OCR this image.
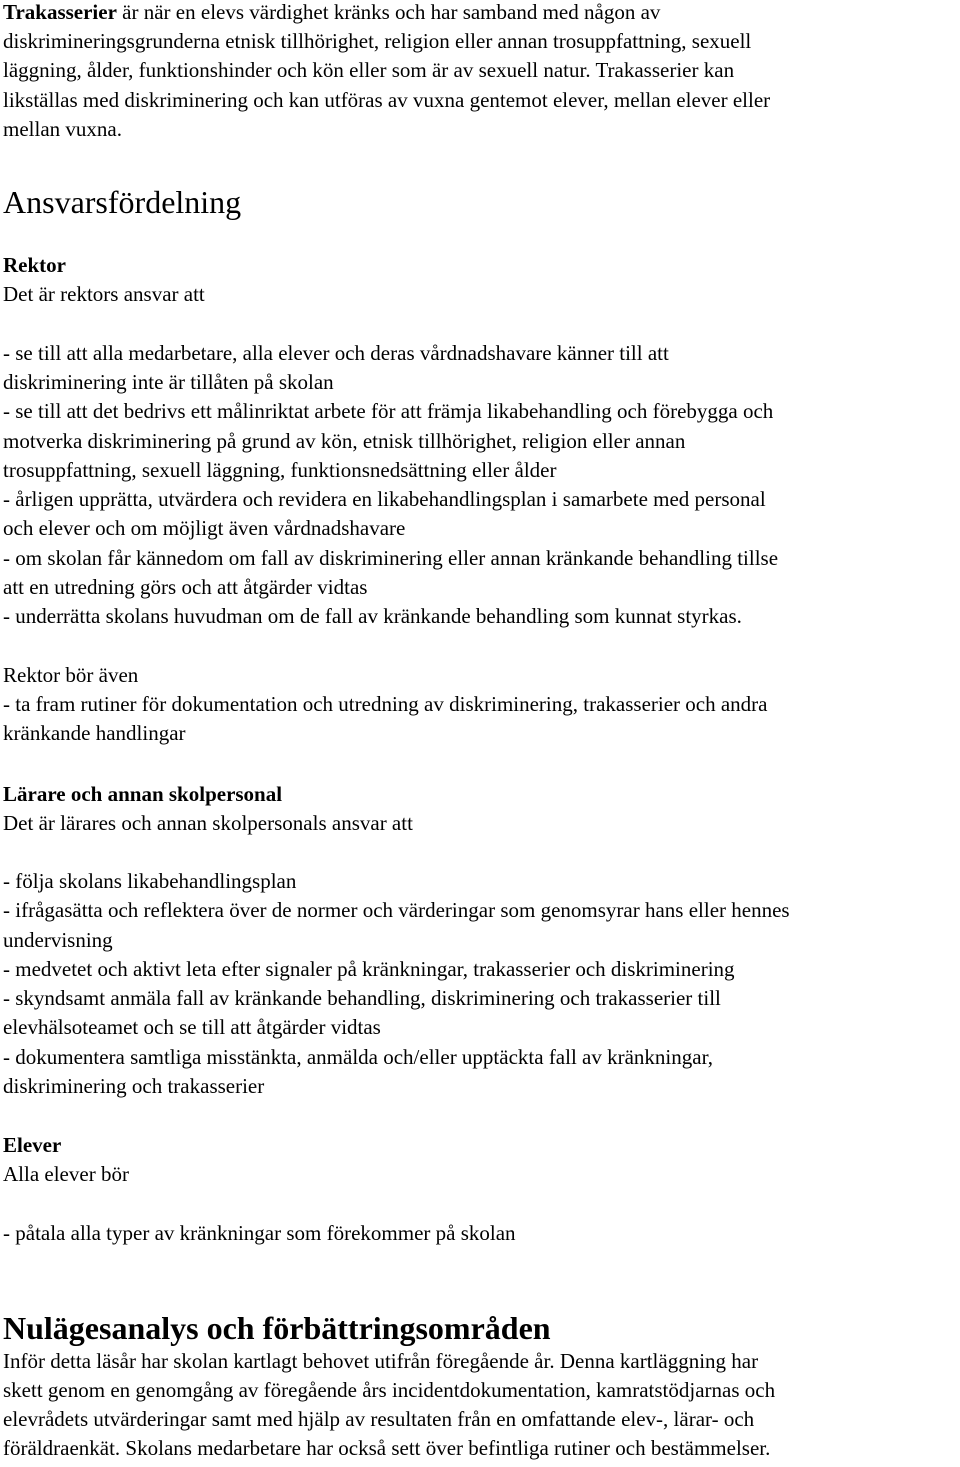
Trakasserier är när en elevs värdighet kränks och har samband med någon av
diskrimineringsgrunderna etnisk tillhörighet, religion eller annan trosuppfattning, sexuell
läggning, ålder, funktionshinder och kön eller som är av sexuell natur. Trakasserier kan
likställas med diskriminering och kan utföras av vuxna gentemot elever, mellan elever eller
mellan vuxna.
Ansvarsfördelning
Rektor
Det är rektors ansvar att
- se till att alla medarbetare, alla elever och deras vårdnadshavare känner till att
diskriminering inte är tillåten på skolan
- se till att det bedrivs ett målinriktat arbete för att främja likabehandling och förebygga och
motverka diskriminering på grund av kön, etnisk tillhörighet, religion eller annan
trosuppfattning, sexuell läggning, funktionsnedsättning eller ålder
- årligen upprätta, utvärdera och revidera en likabehandlingsplan i samarbete med personal
och elever och om möjligt även vårdnadshavare
- om skolan får kännedom om fall av diskriminering eller annan kränkande behandling tillse
att en utredning görs och att åtgärder vidtas
- underrätta skolans huvudman om de fall av kränkande behandling som kunnat styrkas.
Rektor bör även
- ta fram rutiner för dokumentation och utredning av diskriminering, trakasserier och andra
kränkande handlingar
Lärare och annan skolpersonal
Det är lärares och annan skolpersonals ansvar att
- följa skolans likabehandlingsplan
- ifrågasätta och reflektera över de normer och värderingar som genomsyrar hans eller hennes
undervisning
- medvetet och aktivt leta efter signaler på kränkningar, trakasserier och diskriminering
- skyndsamt anmäla fall av kränkande behandling, diskriminering och trakasserier till
elevhälsoteamet och se till att åtgärder vidtas
- dokumentera samtliga misstänkta, anmälda och/eller upptäckta fall av kränkningar,
diskriminering och trakasserier
Elever
Alla elever bör
- påtala alla typer av kränkningar som förekommer på skolan
Nulägesanalys och förbättringsområden
Inför detta läsår har skolan kartlagt behovet utifrån föregående år. Denna kartläggning har
skett genom en genomgång av föregående års incidentdokumentation, kamratstödjarnas och
elevrådets utvärderingar samt med hjälp av resultaten från en omfattande elev-, lärar- och
föräldraenkät. Skolans medarbetare har också sett över befintliga rutiner och bestämmelser.
